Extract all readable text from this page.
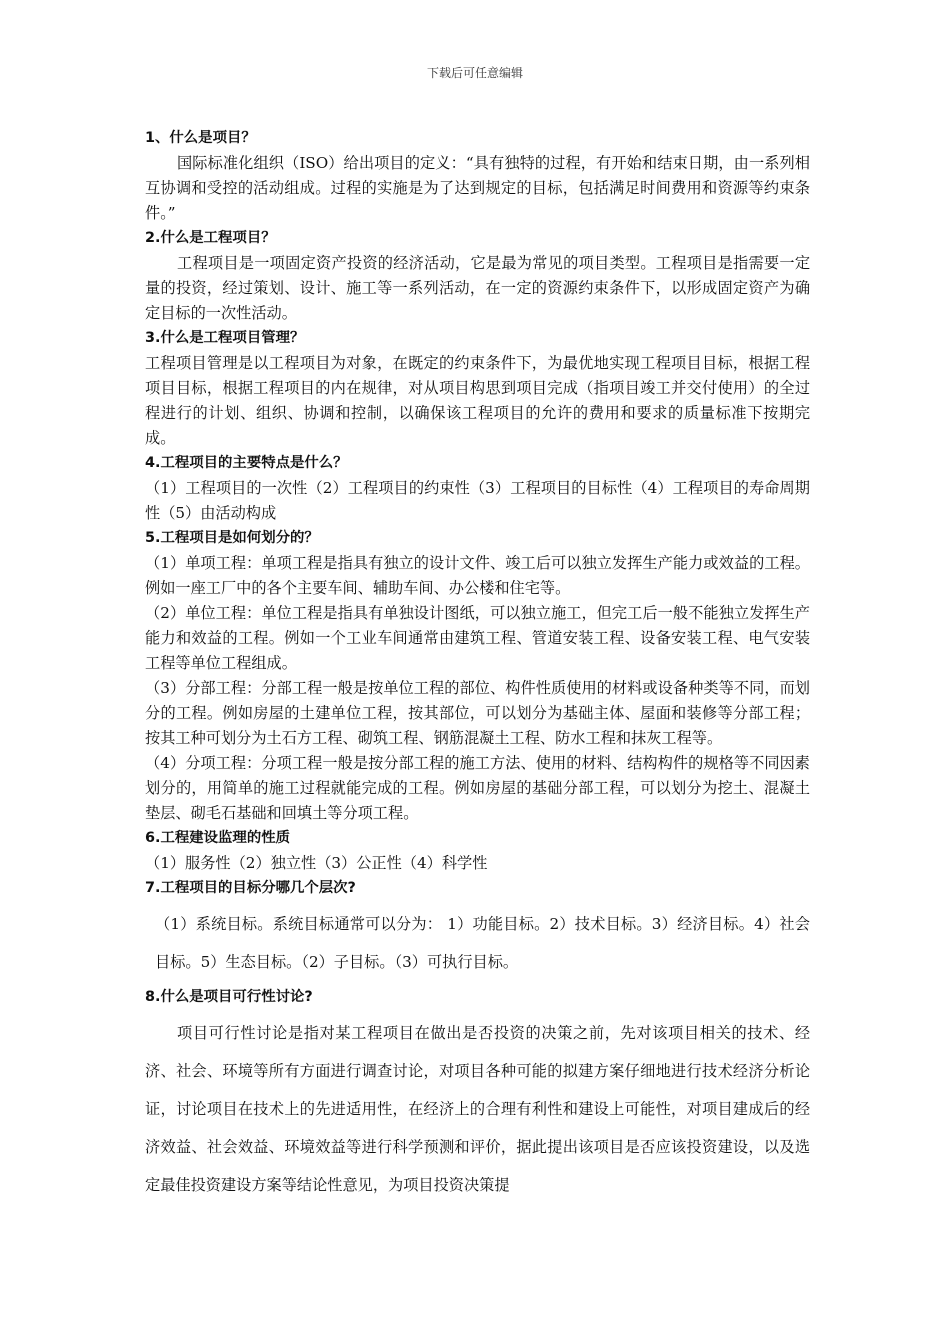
下载后可任意编辑

1、什么是项目？

国际标准化组织（ISO）给出项目的定义：“具有独特的过程，有开始和结束日期，由一系列相互协调和受控的活动组成。过程的实施是为了达到规定的目标，包括满足时间费用和资源等约束条件。”

2.什么是工程项目？

工程项目是一项固定资产投资的经济活动，它是最为常见的项目类型。工程项目是指需要一定量的投资，经过策划、设计、施工等一系列活动，在一定的资源约束条件下，以形成固定资产为确定目标的一次性活动。

3.什么是工程项目管理？

工程项目管理是以工程项目为对象，在既定的约束条件下，为最优地实现工程项目目标，根据工程项目目标，根据工程项目的内在规律，对从项目构思到项目完成（指项目竣工并交付使用）的全过程进行的计划、组织、协调和控制，以确保该工程项目的允许的费用和要求的质量标准下按期完成。

4.工程项目的主要特点是什么？

（1）工程项目的一次性（2）工程项目的约束性（3）工程项目的目标性（4）工程项目的寿命周期性（5）由活动构成

5.工程项目是如何划分的？

（1）单项工程：单项工程是指具有独立的设计文件、竣工后可以独立发挥生产能力或效益的工程。例如一座工厂中的各个主要车间、辅助车间、办公楼和住宅等。

（2）单位工程：单位工程是指具有单独设计图纸，可以独立施工，但完工后一般不能独立发挥生产能力和效益的工程。例如一个工业车间通常由建筑工程、管道安装工程、设备安装工程、电气安装工程等单位工程组成。

（3）分部工程：分部工程一般是按单位工程的部位、构件性质使用的材料或设备种类等不同，而划分的工程。例如房屋的土建单位工程，按其部位，可以划分为基础主体、屋面和装修等分部工程；按其工种可划分为土石方工程、砌筑工程、钢筋混凝土工程、防水工程和抹灰工程等。

（4）分项工程：分项工程一般是按分部工程的施工方法、使用的材料、结构构件的规格等不同因素划分的，用简单的施工过程就能完成的工程。例如房屋的基础分部工程，可以划分为挖土、混凝土垫层、砌毛石基础和回填土等分项工程。

6.工程建设监理的性质

（1）服务性（2）独立性（3）公正性（4）科学性

7.工程项目的目标分哪几个层次?

（1）系统目标。系统目标通常可以分为： 1）功能目标。2）技术目标。3）经济目标。4）社会目标。5）生态目标。（2）子目标。（3）可执行目标。

8.什么是项目可行性讨论?

项目可行性讨论是指对某工程项目在做出是否投资的决策之前，先对该项目相关的技术、经济、社会、环境等所有方面进行调查讨论，对项目各种可能的拟建方案仔细地进行技术经济分析论证，讨论项目在技术上的先进适用性，在经济上的合理有利性和建设上可能性，对项目建成后的经济效益、社会效益、环境效益等进行科学预测和评价，据此提出该项目是否应该投资建设，以及选定最佳投资建设方案等结论性意见，为项目投资决策提
